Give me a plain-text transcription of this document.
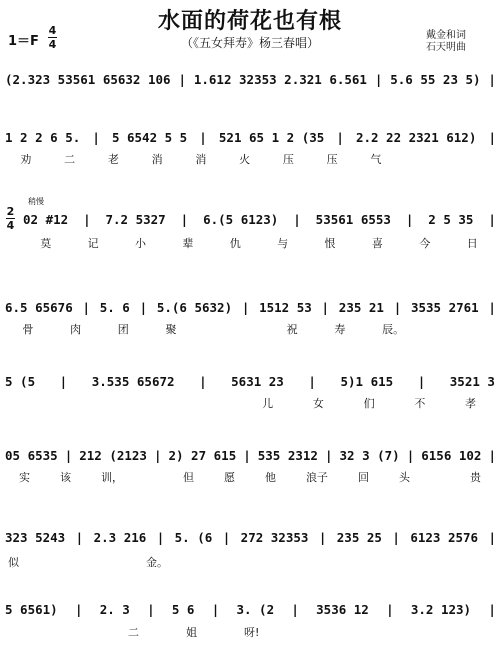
水面的荷花也有根
（《五女拜寿》杨三春唱）
戴金和词
石天明曲
1＝F
4
4
(2.323 53561 65632 106 | 1.612 32353 2.321 6.561 | 5.6 55 23 5) |
1 2 2 6 5. | 5 6542 5 5 | 521 65 1 2 (35 | 2.2 22 2321 612) |
劝	二	老	消	消	火	压	压	气
稍慢
2
4 02 #12 | 7.2 5327 | 6.(5 6123) | 53561 6553 | 2 5 35 |
莫	记	小	辈	仇	与	恨	喜	今	日
6.5 65676 | 5. 6 | 5.(6 5632) | 1512 53 | 235 21 | 3535 2761 |
骨	肉	团	聚	祝	寿	辰。
5 (5 | 3.535 65672 | 5631 23 | 5)1 615 | 3521 3
儿	女	们	不	孝
05 6535 | 212 (2123 | 2) 27 615 | 535 2312 | 32 3 (7) | 6156 102 |
实	该	训，	但	愿	他	浪子	回	头	贵
323 5243 | 2.3 216 | 5. (6 | 272 32353 | 235 25 | 6123 2576 |
似	金。
5 6561) | 2. 3 | 5 6 | 3. (2 | 3536 12 | 3.2 123) |
二	姐	呀!
